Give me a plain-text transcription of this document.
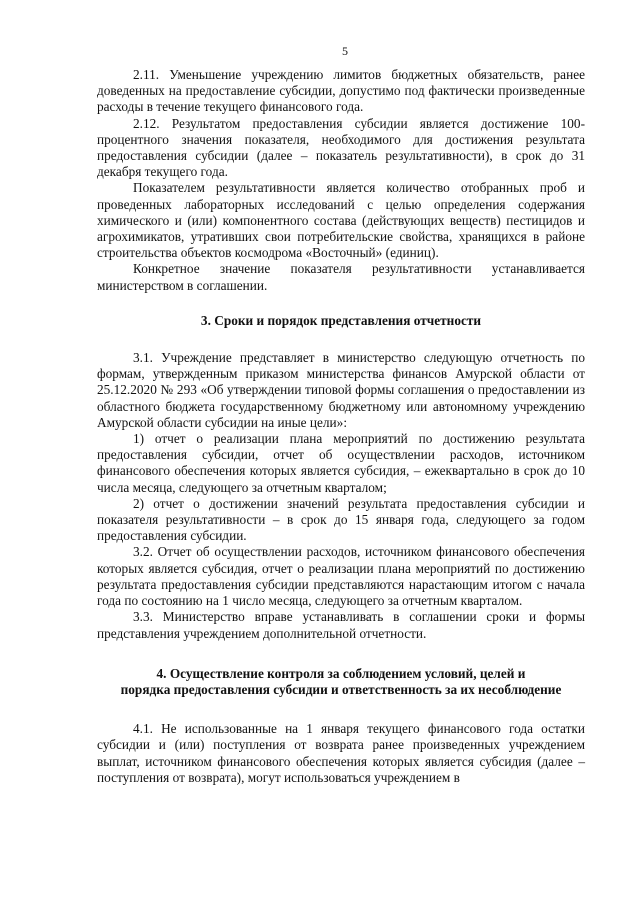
5

2.11. Уменьшение учреждению лимитов бюджетных обязательств, ранее доведенных на предоставление субсидии, допустимо под фактически произведенные расходы в течение текущего финансового года.

2.12. Результатом предоставления субсидии является достижение 100-процентного значения показателя, необходимого для достижения результата предоставления субсидии (далее – показатель результативности), в срок до 31 декабря текущего года.

Показателем результативности является количество отобранных проб и проведенных лабораторных исследований с целью определения содержания химического и (или) компонентного состава (действующих веществ) пестицидов и агрохимикатов, утративших свои потребительские свойства, хранящихся в районе строительства объектов космодрома «Восточный» (единиц).

Конкретное значение показателя результативности устанавливается министерством в соглашении.

3. Сроки и порядок представления отчетности

3.1. Учреждение представляет в министерство следующую отчетность по формам, утвержденным приказом министерства финансов Амурской области от 25.12.2020 № 293 «Об утверждении типовой формы соглашения о предоставлении из областного бюджета государственному бюджетному или автономному учреждению Амурской области субсидии на иные цели»:

1) отчет о реализации плана мероприятий по достижению результата предоставления субсидии, отчет об осуществлении расходов, источником финансового обеспечения которых является субсидия, – ежеквартально в срок до 10 числа месяца, следующего за отчетным кварталом;

2) отчет о достижении значений результата предоставления субсидии и показателя результативности – в срок до 15 января года, следующего за годом предоставления субсидии.

3.2. Отчет об осуществлении расходов, источником финансового обеспечения которых является субсидия, отчет о реализации плана мероприятий по достижению результата предоставления субсидии представляются нарастающим итогом с начала года по состоянию на 1 число месяца, следующего за отчетным кварталом.

3.3. Министерство вправе устанавливать в соглашении сроки и формы представления учреждением дополнительной отчетности.

4. Осуществление контроля за соблюдением условий, целей и
порядка предоставления субсидии и ответственность за их несоблюдение

4.1. Не использованные на 1 января текущего финансового года остатки субсидии и (или) поступления от возврата ранее произведенных учреждением выплат, источником финансового обеспечения которых является субсидия (далее – поступления от возврата), могут использоваться учреждением в
